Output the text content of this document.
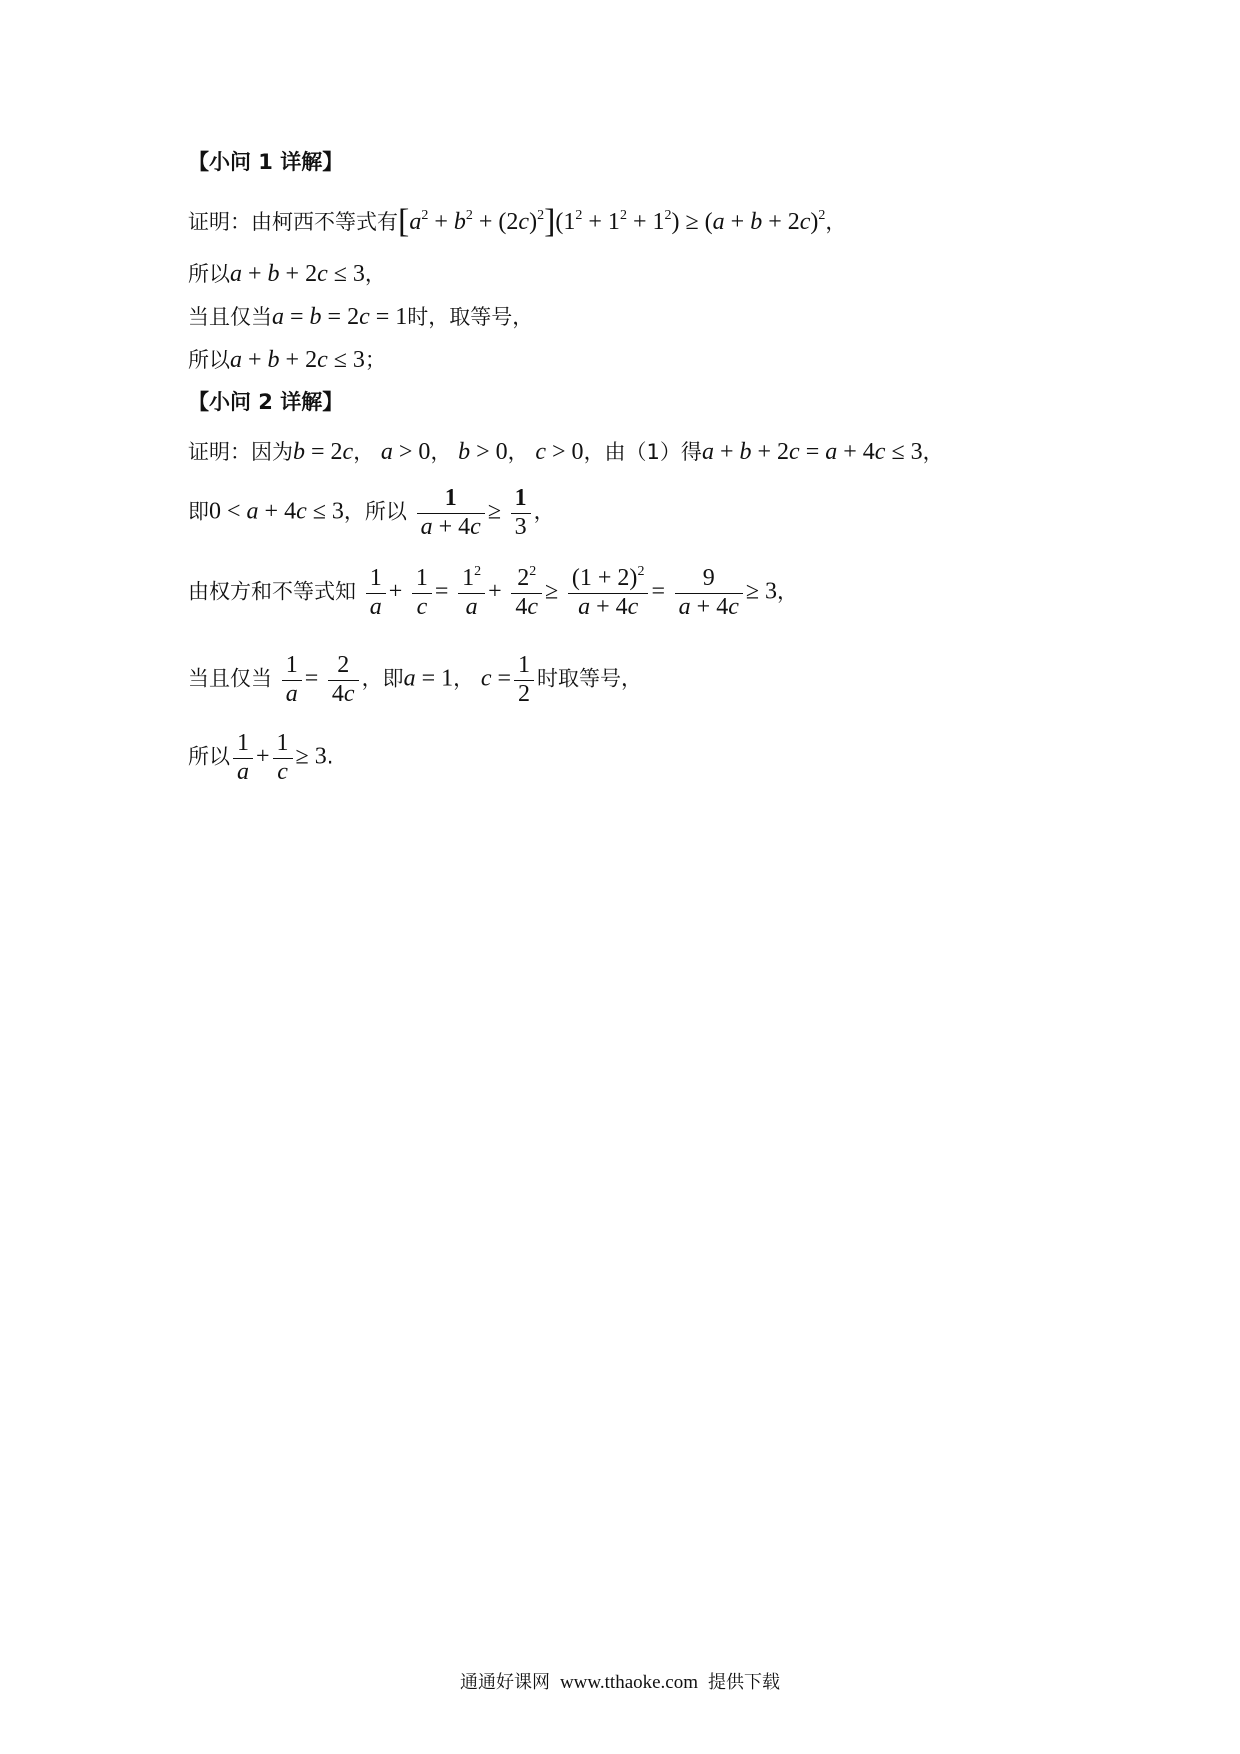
【小问 1 详解】
证明：由柯西不等式有$[a^2 + b^2 + (2c)^2](1^2 + 1^2 + 1^2) \ge (a + b + 2c)^2$，
所以a + b + 2c ≤ 3，
当且仅当a = b = 2c = 1时，取等号，
所以a + b + 2c ≤ 3；
【小问 2 详解】
证明：因为b = 2c， a > 0， b > 0， c > 0，由（1）得a + b + 2c = a + 4c ≤ 3，
即0 < a + 4c ≤ 3，所以 $\frac{1}{a + 4c} \ge \frac{1}{3}$ ，
由权方和不等式知 $\frac{1}{a} + \frac{1}{c} = \frac{1^2}{a} + \frac{2^2}{4c} \ge \frac{(1 + 2)^2}{a + 4c} = \frac{9}{a + 4c} \ge 3$，
当且仅当 $\frac{1}{a} = \frac{2}{4c}$ ，即a = 1， $c = \frac{1}{2}$ 时取等号，
所以 $\frac{1}{a} + \frac{1}{c} \ge 3$.
通通好课网 www.tthaoke.com 提供下载
